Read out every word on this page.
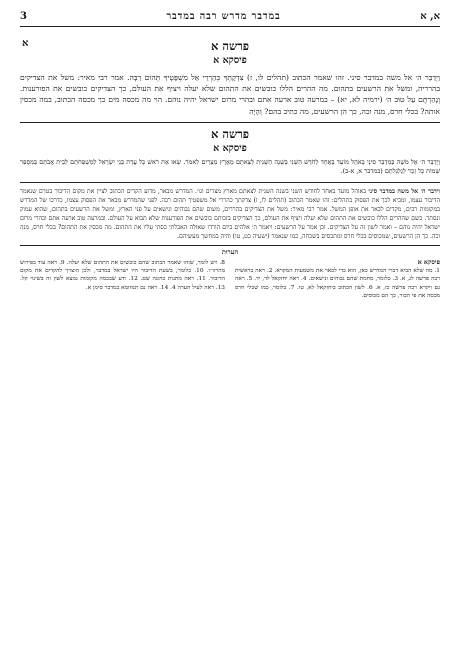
א, א
במדבר מדרש רבה במדבר
3
א	פרשה א
פיסקא א
וַיְדַבֵּר ה׳ אל משה במדבר סיני. זהו שאמר הכתוב (תהלים לו, ז) צִדְקָתְךָ כְּהַרְרֵי אֵל מִשְׁפָּטֶיךָ תְּהוֹם רַבָּה. אמר רבי מאיר: משל את הצדיקים בהרריה, ומשל את הרשעים בתהום. מה ההרים הללו כובשים את התהום שלא יעלה ויציף את העולם, כך הצדיקים כובשים את הפורענות. וְנָהַרְתֶּם עַל טוּב ה׳ (ירמיה לא, יא) – במרעה טוב ארעה אתם ובהרי מרום ישראל יהיה נוהם. הוי מה מכסה מים כך מכסה הכתוב, במה מכסין אותה? בכלי חרס, מנה וכה, כך הן הרשעים, מה כתיב בהם? וְהָיָה
פרשה א
פיסקא א
וַיְדַבֵּר ה׳ אֶל מֹשֶׁה בְּמִדְבַּר סִינַי בְּאֹהֶל מוֹעֵד בְּאֶחָד לַחֹדֶשׁ הַשֵּׁנִי בַּשָּׁנָה הַשֵּׁנִית לְצֵאתָם מֵאֶרֶץ מִצְרַיִם לֵאמֹר. שְׂאוּ אֶת רֹאשׁ כָּל עֲדַת בְּנֵי יִשְׂרָאֵל לְמִשְׁפְּחֹתָם לְבֵית אֲבֹתָם בְּמִסְפַּר שֵׁמוֹת כָּל זָכָר לְגֻלְגְּלֹתָם (במדבר א, א-ב).
וידבר ה׳ אל משה במדבר סיני באוהל מועד באחד לחודש השני בשנה השנית לצאתם מארץ מצרים וגו׳. המדרש מבאר, מדוע הקדים הכתוב לציין את מקום הדיבור בטרם שנאמר הדיבור עצמו, ומביא לכך את הפסוק בתהלים: זהו שאמר הכתוב (תהלים לו, ז) צדקתך כהררי אל משפטיך תהום רבה. לפני שהמדרש מבאר את הפסוק עצמו, כדרכו של המדרש במקומות רבים, מקדים לבאר את אופן המשל. אמר רבי מאיר: משל את הצדיקים בהררים, משום שהם גבוהים ונישאים על פני הארץ, ומשל את הרשעים בתהום, שהוא עמוק ונסתר. כשם שההרים הללו כובשים את התהום שלא יעלה ויציף את העולם, כך הצדיקים בזכותם כובשים את הפורענות שלא תבוא על העולם. ובמרעה טוב ארעה אתם ובהרי מרום ישראל יהיה נוהם – ואמר לשון זה על הצדיקים. וכן אמר על הרשעים: ויאמר ה׳ אלהים ביום הורדו שאולה האבלתי כסתי עליו את התהום. מה מכסין את התהום? בכלי חרס, מנה וכה. כך הן הרשעים, שמכוסים בכלי חרס ומתכסים בשכחה, כמו שנאמר (ישעיה כט, טו) והיה במחשך מעשיהם.
הערות
פיסקא א
1. מה שלא הביא דברי המדרש כאן, הוא כדי לבאר את משמעות המקרא. 2. ראה בראשית רבה פרשה לג, א. 3. כלומר, מחמת שהם גבוהים ונישאים. 4. ראה יחזקאל לד, יד. 5. ראה גם ויקרא רבה פרשה כז, א. 6. לשון הכתוב ביחזקאל לא, טו. 7. כלומר, כמו שכלי חרס מכסה את פי הבור, כך הם מכוסים.
8. ויש לומר, שזהו שאמר הכתוב שהם כובשים את התהום שלא יעלה. 9. ראה עוד בפירוש מהרזו״ו. 10. כלומר, בשעת הדיבור היו ישראל במדבר, ולכן הוצרך להקדים את מקום הדיבור. 11. ראה מתנות כהונה שם. 12. ודע שבכמה מקומות נמצא לשון זה בשינוי קל. 13. ראה לעיל הערה 4. 14. ראה גם תנחומא במדבר סימן א.
